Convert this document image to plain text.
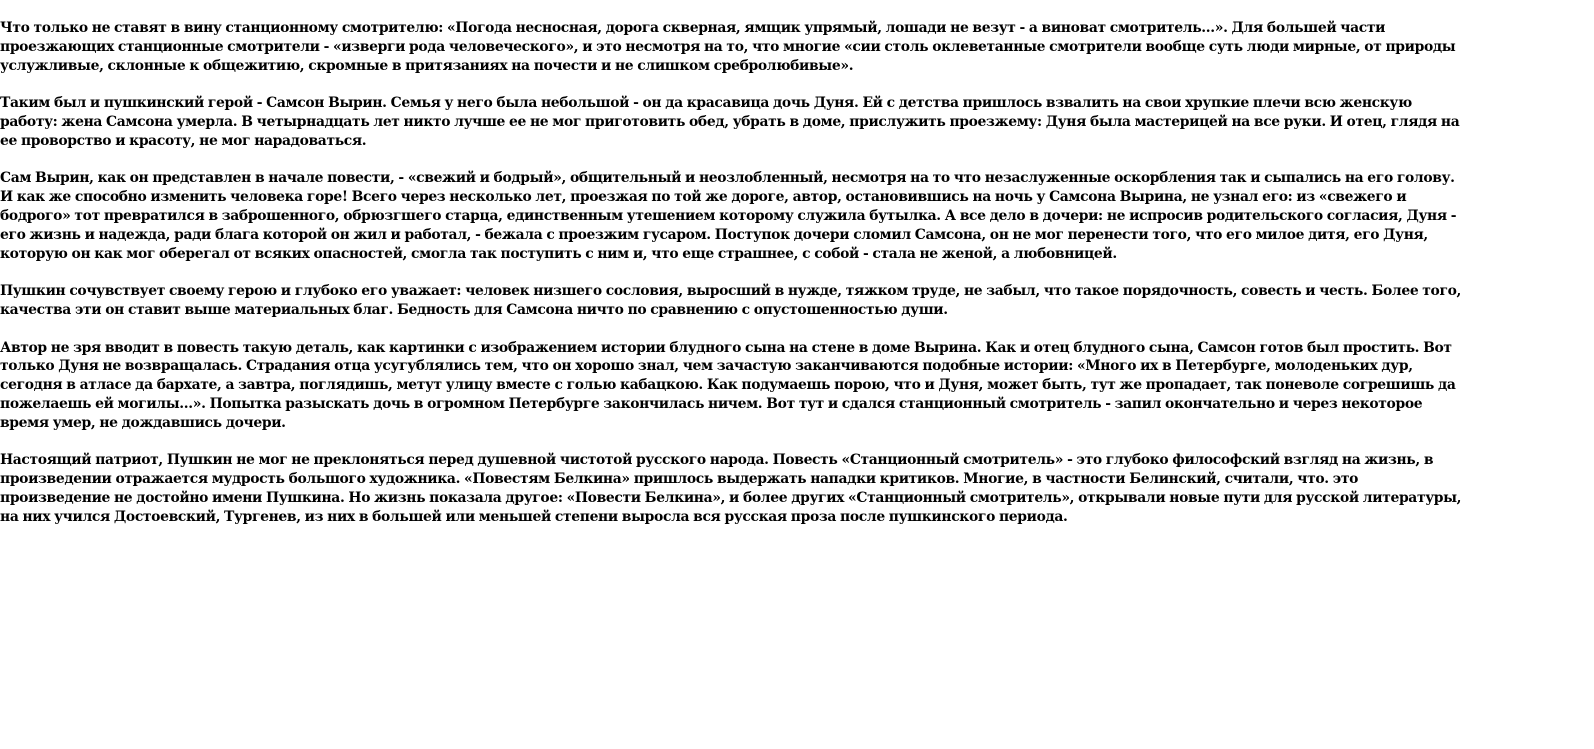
Что только не ставят в вину станционному смотрителю: «Погода несносная, дорога скверная, ямщик упрямый, лошади не везут - а виноват смотритель...». Для большей части проезжающих станционные смотрители - «изверги рода человеческого», и это несмотря на то, что многие «сии столь оклеветанные смотрители вообще суть люди мирные, от природы услужливые, склонные к общежитию, скромные в притязаниях на почести и не слишком сребролюбивые».

Таким был и пушкинский герой - Самсон Вырин. Семья у него была небольшой - он да красавица дочь Дуня. Ей с детства пришлось взвалить на свои хрупкие плечи всю женскую работу: жена Самсона умерла. В четырнадцать лет никто лучше ее не мог приготовить обед, убрать в доме, прислужить проезжему: Дуня была мастерицей на все руки. И отец, глядя на ее проворство и красоту, не мог нарадоваться.

Сам Вырин, как он представлен в начале повести, - «свежий и бодрый», общительный и неозлобленный, несмотря на то что незаслуженные оскорбления так и сыпались на его голову. И как же способно изменить человека горе! Всего через несколько лет, проезжая по той же дороге, автор, остановившись на ночь у Самсона Вырина, не узнал его: из «свежего и бодрого» тот превратился в заброшенного, обрюзгшего старца, единственным утешением которому служила бутылка. А все дело в дочери: не испросив родительского согласия, Дуня - его жизнь и надежда, ради блага которой он жил и работал, - бежала с проезжим гусаром. Поступок дочери сломил Самсона, он не мог перенести того, что его милое дитя, его Дуня, которую он как мог оберегал от всяких опасностей, смогла так поступить с ним и, что еще страшнее, с собой - стала не женой, а любовницей.

Пушкин сочувствует своему герою и глубоко его уважает: человек низшего сословия, выросший в нужде, тяжком труде, не забыл, что такое порядочность, совесть и честь. Более того, качества эти он ставит выше материальных благ. Бедность для Самсона ничто по сравнению с опустошенностью души.

Автор не зря вводит в повесть такую деталь, как картинки с изображением истории блудного сына на стене в доме Вырина. Как и отец блудного сына, Самсон готов был простить. Вот только Дуня не возвращалась. Страдания отца усугублялись тем, что он хорошо знал, чем зачастую заканчиваются подобные истории: «Много их в Петербурге, молоденьких дур, сегодня в атласе да бархате, а завтра, поглядишь, метут улицу вместе с голью кабацкою. Как подумаешь порою, что и Дуня, может быть, тут же пропадает, так поневоле согрешишь да пожелаешь ей могилы...». Попытка разыскать дочь в огромном Петербурге закончилась ничем. Вот тут и сдался станционный смотритель - запил окончательно и через некоторое время умер, не дождавшись дочери.

Настоящий патриот, Пушкин не мог не преклоняться перед душевной чистотой русского народа. Повесть «Станционный смотритель» - это глубоко философский взгляд на жизнь, в произведении отражается мудрость большого художника. «Повестям Белкина» пришлось выдержать нападки критиков. Многие, в частности Белинский, считали, что. это произведение не достойно имени Пушкина. Но жизнь показала другое: «Повести Белкина», и более других «Станционный смотритель», открывали новые пути для русской литературы, на них учился Достоевский, Тургенев, из них в большей или меньшей степени выросла вся русская проза после пушкинского периода.
